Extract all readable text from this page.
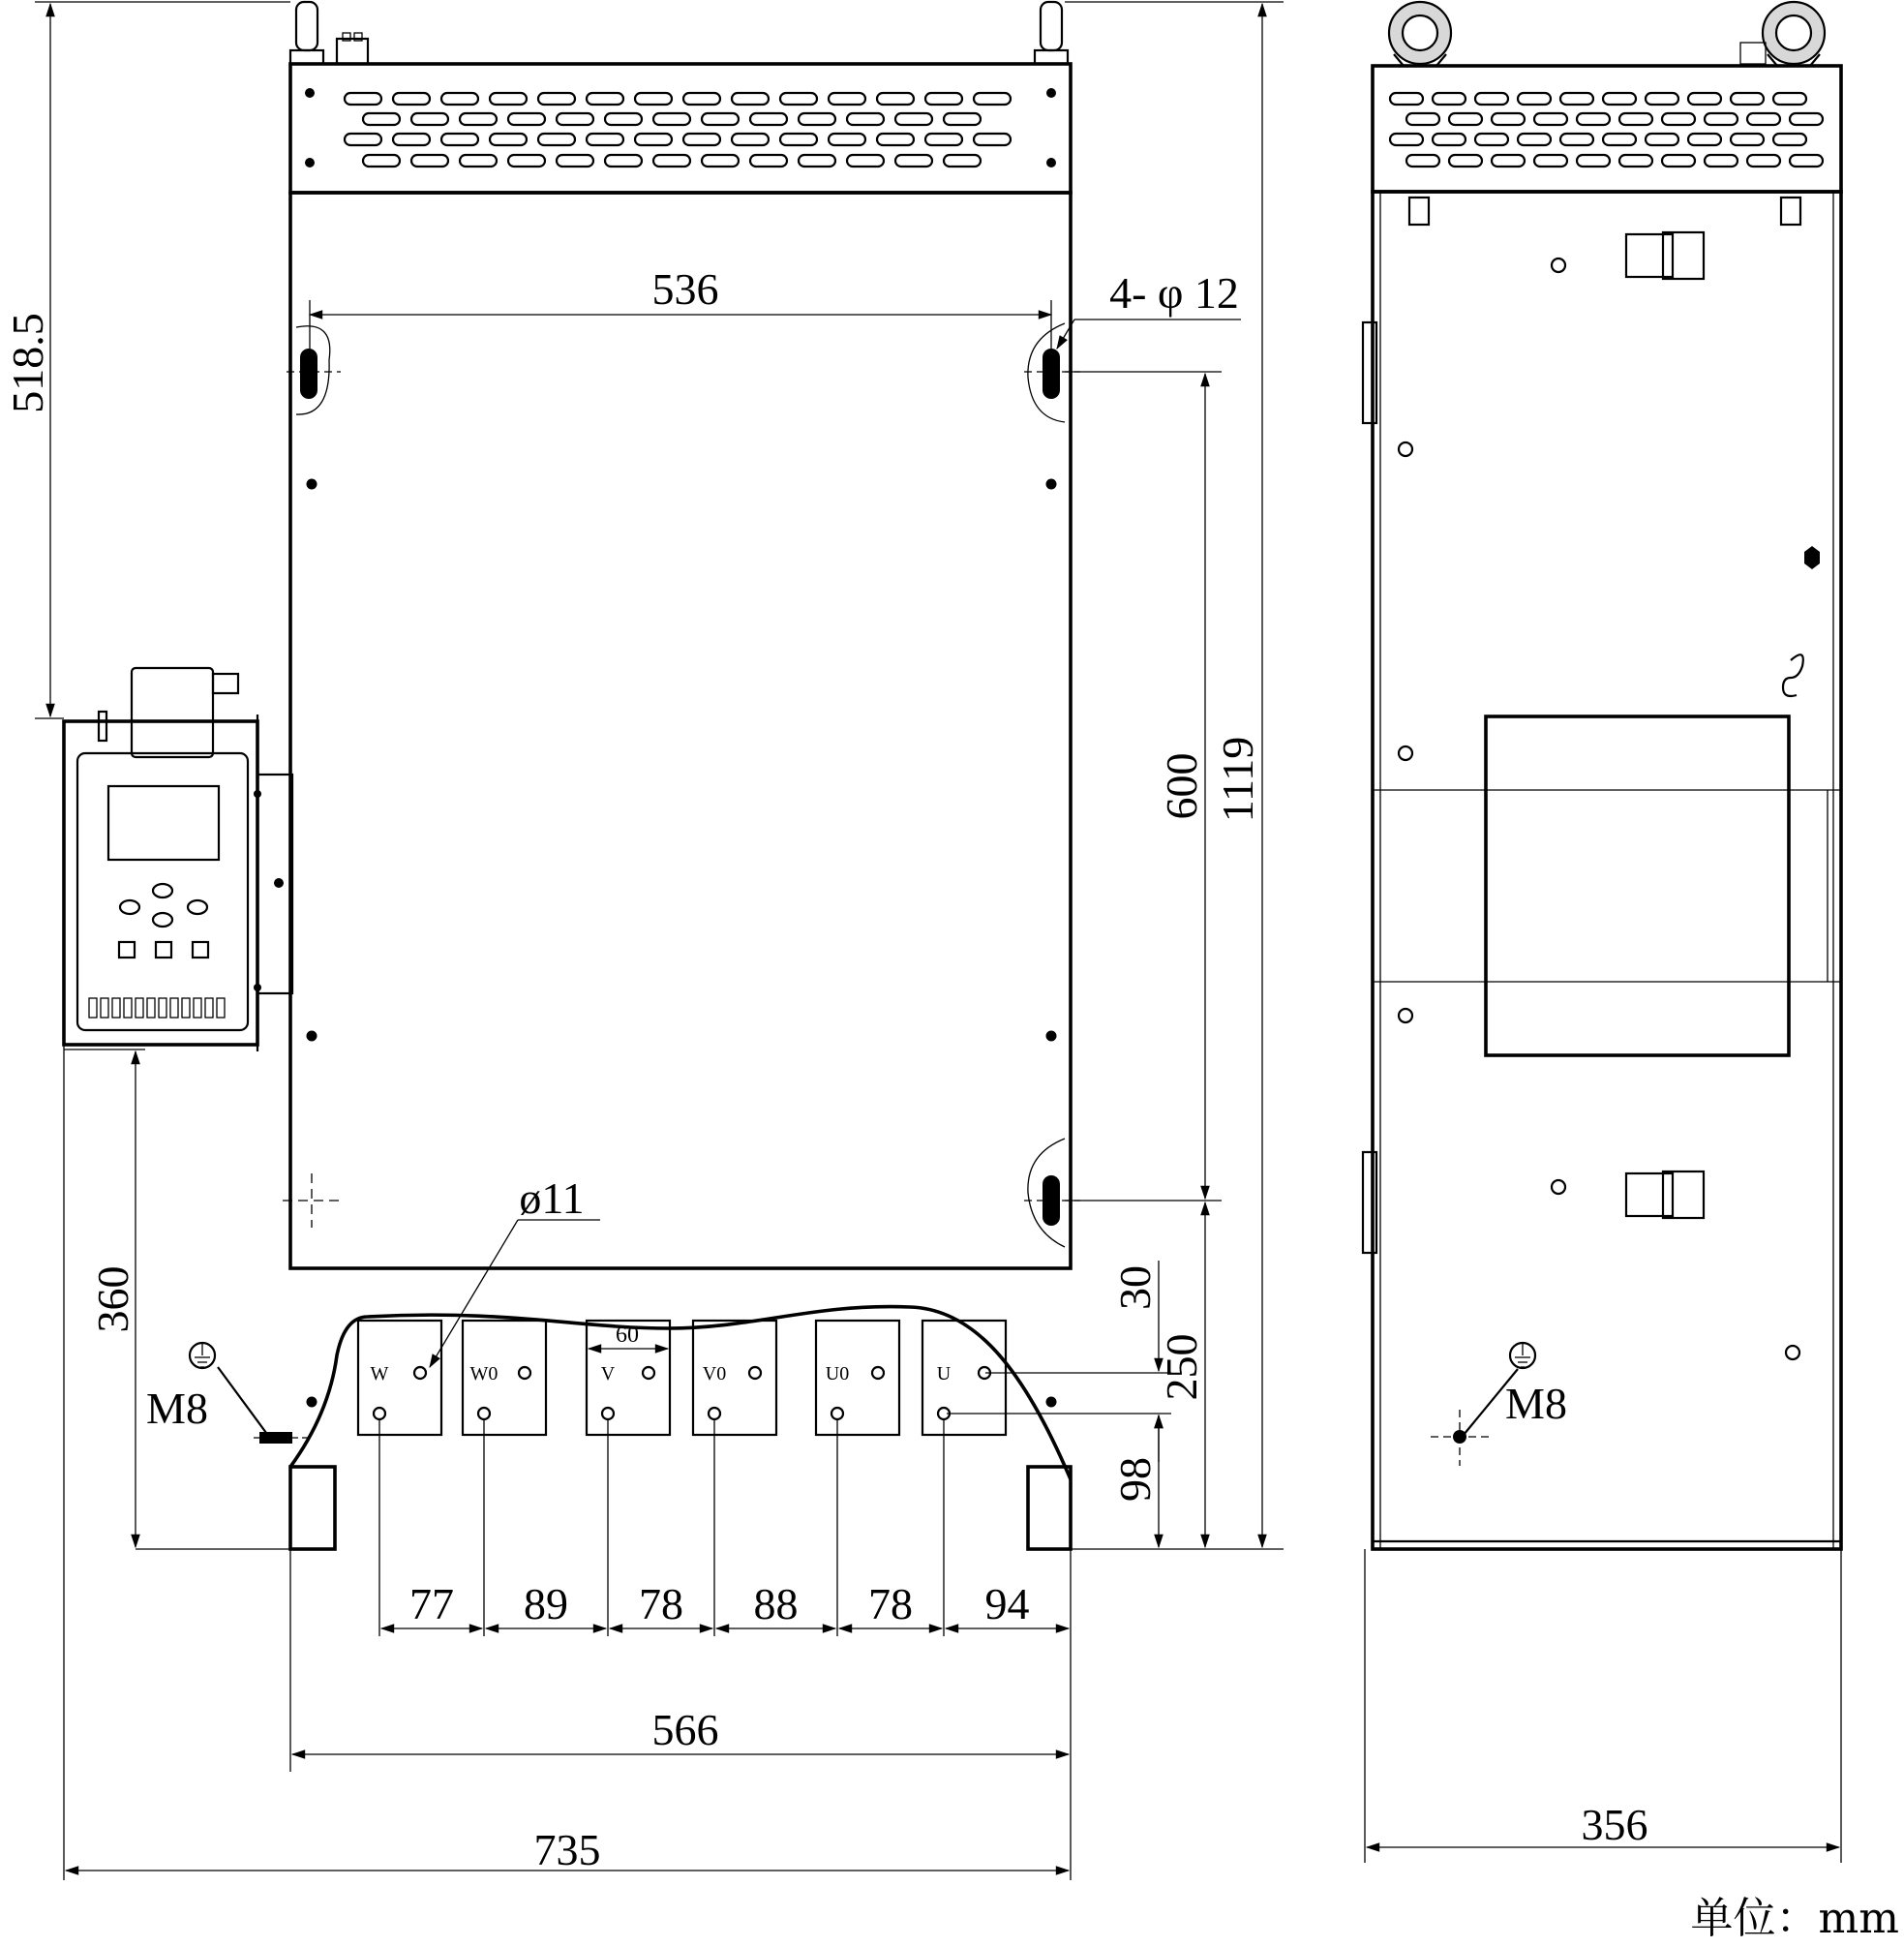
W	W0	V	V0	U0	U
M8
536	4- φ 12
518.5
600 1119
250
30
98
360
ø11
60
77 89 78 88 78 94
566
735
M8
356
单位：mm
